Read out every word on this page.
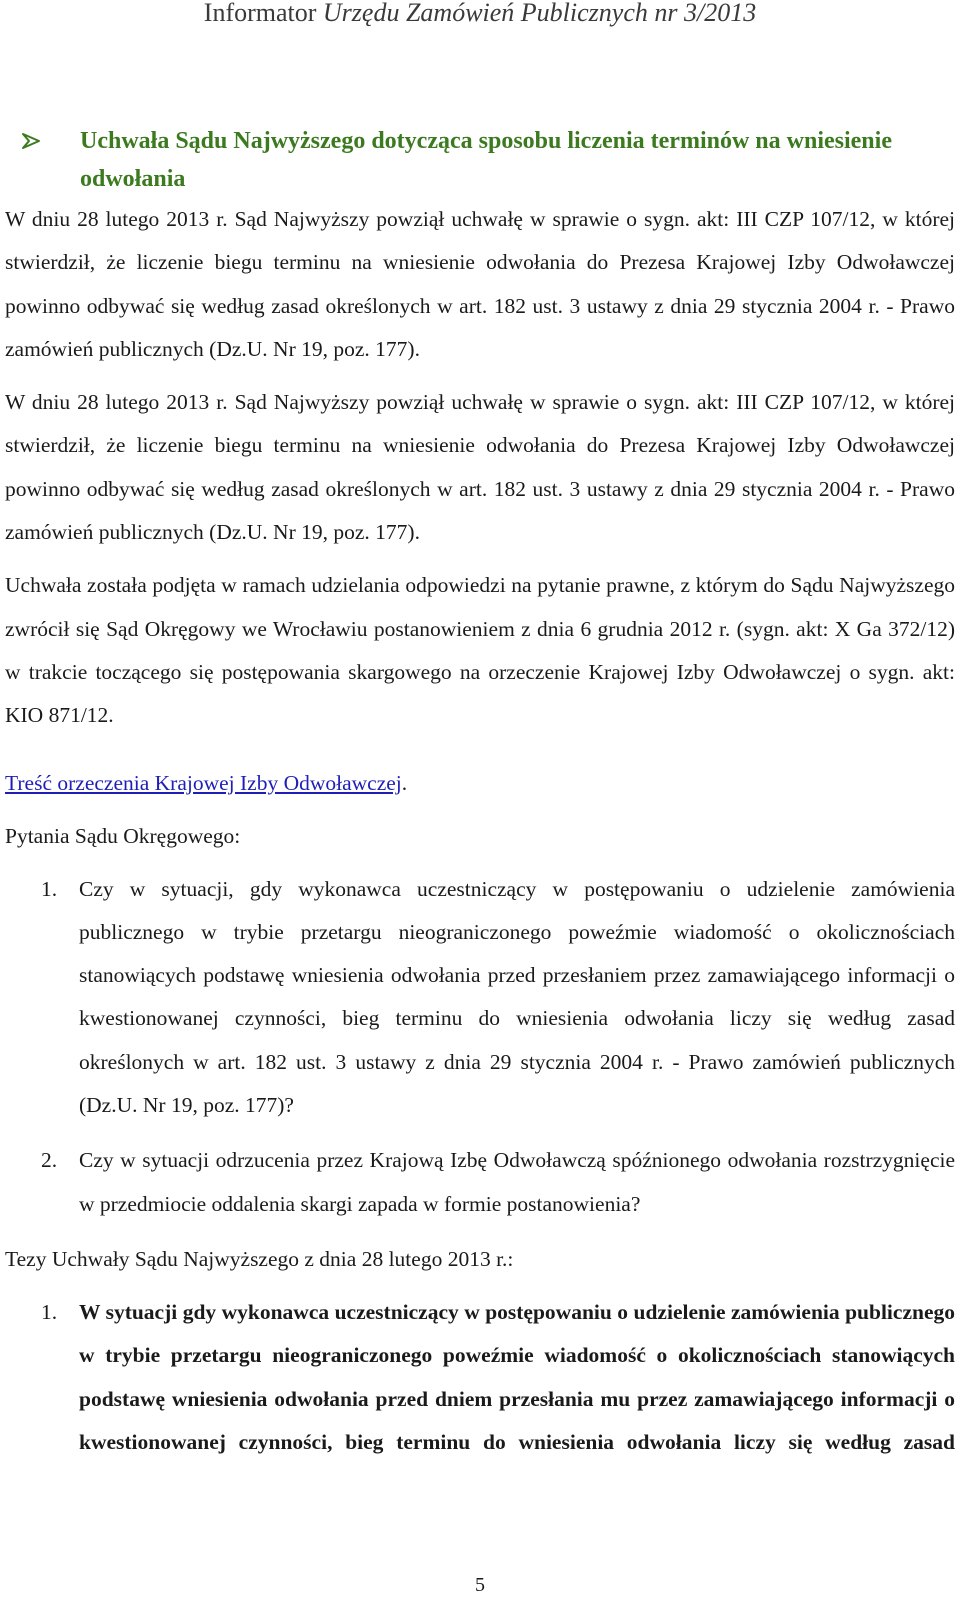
Informator Urzędu Zamówień Publicznych nr 3/2013
Uchwała Sądu Najwyższego dotycząca sposobu liczenia terminów na wniesienie odwołania

W dniu 28 lutego 2013 r. Sąd Najwyższy powziął uchwałę w sprawie o sygn. akt: III CZP 107/12, w której stwierdził, że liczenie biegu terminu na wniesienie odwołania do Prezesa Krajowej Izby Odwoławczej powinno odbywać się według zasad określonych w art. 182 ust. 3 ustawy z dnia 29 stycznia 2004 r. - Prawo zamówień publicznych (Dz.U. Nr 19, poz. 177).

W dniu 28 lutego 2013 r. Sąd Najwyższy powziął uchwałę w sprawie o sygn. akt: III CZP 107/12, w której stwierdził, że liczenie biegu terminu na wniesienie odwołania do Prezesa Krajowej Izby Odwoławczej powinno odbywać się według zasad określonych w art. 182 ust. 3 ustawy z dnia 29 stycznia 2004 r. - Prawo zamówień publicznych (Dz.U. Nr 19, poz. 177).

Uchwała została podjęta w ramach udzielania odpowiedzi na pytanie prawne, z którym do Sądu Najwyższego zwrócił się Sąd Okręgowy we Wrocławiu postanowieniem z dnia 6 grudnia 2012 r. (sygn. akt: X Ga 372/12) w trakcie toczącego się postępowania skargowego na orzeczenie Krajowej Izby Odwoławczej o sygn. akt: KIO 871/12.

Treść orzeczenia Krajowej Izby Odwoławczej.

Pytania Sądu Okręgowego:

1. Czy w sytuacji, gdy wykonawca uczestniczący w postępowaniu o udzielenie zamówienia publicznego w trybie przetargu nieograniczonego poweźmie wiadomość o okolicznościach stanowiących podstawę wniesienia odwołania przed przesłaniem przez zamawiającego informacji o kwestionowanej czynności, bieg terminu do wniesienia odwołania liczy się według zasad określonych w art. 182 ust. 3 ustawy z dnia 29 stycznia 2004 r. - Prawo zamówień publicznych (Dz.U. Nr 19, poz. 177)?
2. Czy w sytuacji odrzucenia przez Krajową Izbę Odwoławczą spóźnionego odwołania rozstrzygnięcie w przedmiocie oddalenia skargi zapada w formie postanowienia?

Tezy Uchwały Sądu Najwyższego z dnia 28 lutego 2013 r.:

1. W sytuacji gdy wykonawca uczestniczący w postępowaniu o udzielenie zamówienia publicznego w trybie przetargu nieograniczonego poweźmie wiadomość o okolicznościach stanowiących podstawę wniesienia odwołania przed dniem przesłania mu przez zamawiającego informacji o kwestionowanej czynności, bieg terminu do wniesienia odwołania liczy się według zasad
5
